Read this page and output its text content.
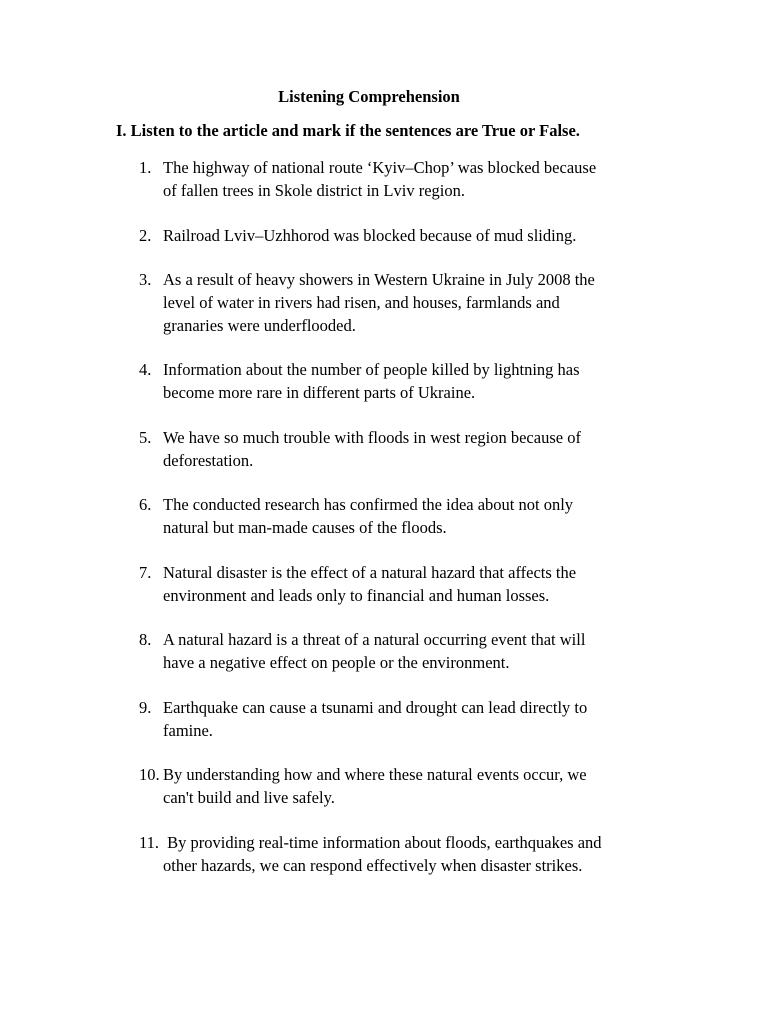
Listening Comprehension
I. Listen to the article and mark if the sentences are True or False.
1. The highway of national route ‘Kyiv–Chop’ was blocked because
of fallen trees in Skole district in Lviv region.
2. Railroad Lviv–Uzhhorod was blocked because of mud sliding.
3. As a result of heavy showers in Western Ukraine in July 2008 the
level of water in rivers had risen, and houses, farmlands and
granaries were underflooded.
4. Information about the number of people killed by lightning has
become more rare in different parts of Ukraine.
5. We have so much trouble with floods in west region because of
deforestation.
6. The conducted research has confirmed the idea about not only
natural but man-made causes of the floods.
7. Natural disaster is the effect of a natural hazard that affects the
environment and leads only to financial and human losses.
8. A natural hazard is a threat of a natural occurring event that will
have a negative effect on people or the environment.
9. Earthquake can cause a tsunami and drought can lead directly to
famine.
10. By understanding how and where these natural events occur, we
can't build and live safely.
11. By providing real-time information about floods, earthquakes and
other hazards, we can respond effectively when disaster strikes.
